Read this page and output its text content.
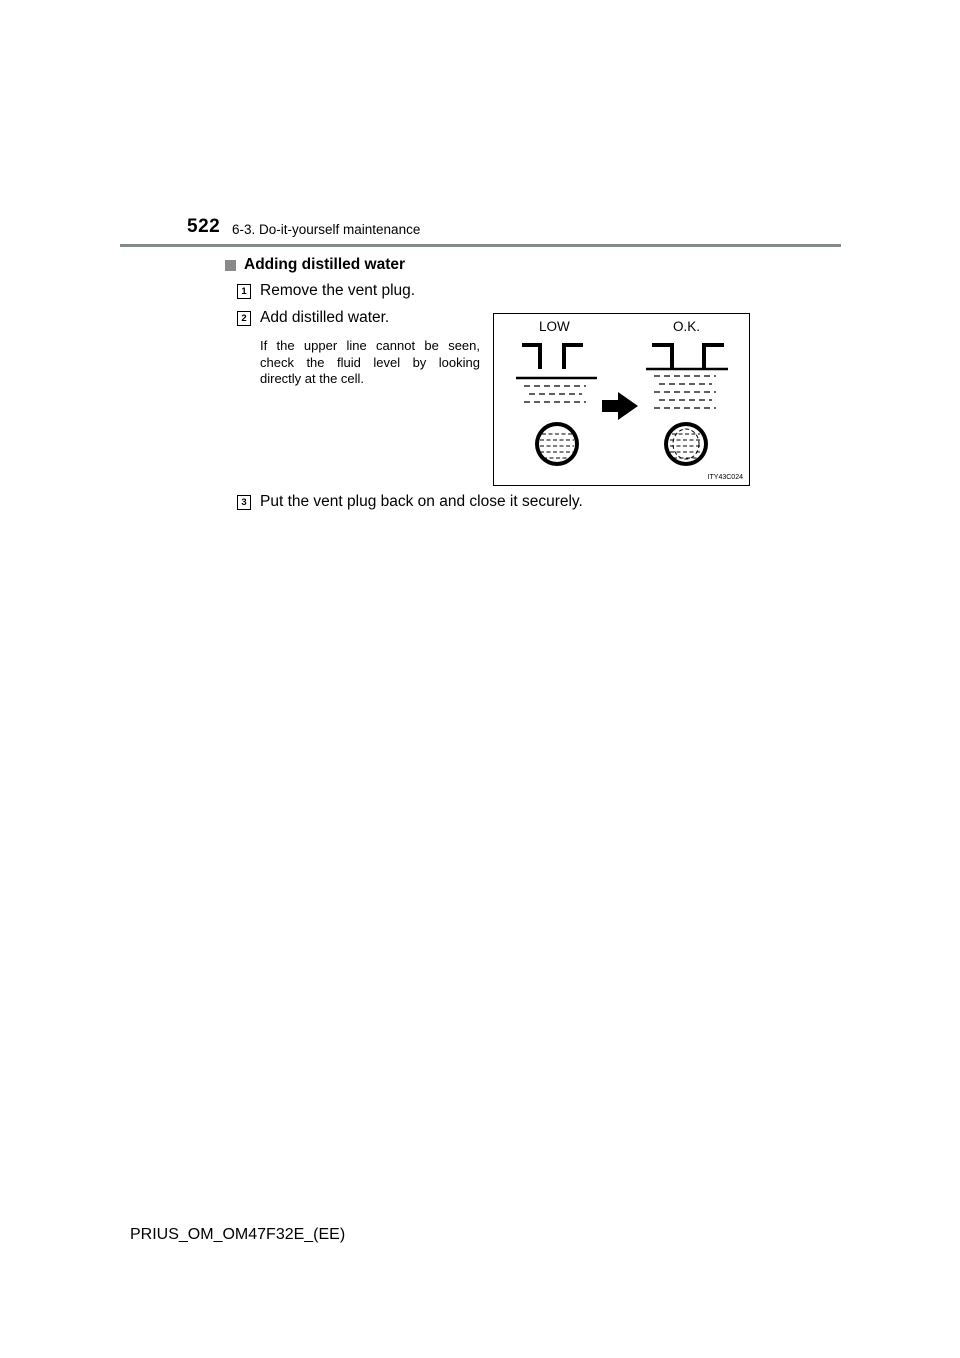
522 6-3. Do-it-yourself maintenance
Adding distilled water
1 Remove the vent plug.
2 Add distilled water.
If the upper line cannot be seen, check the fluid level by looking directly at the cell.
LOW	O.K.
ITY43C024
3 Put the vent plug back on and close it securely.
PRIUS_OM_OM47F32E_(EE)
